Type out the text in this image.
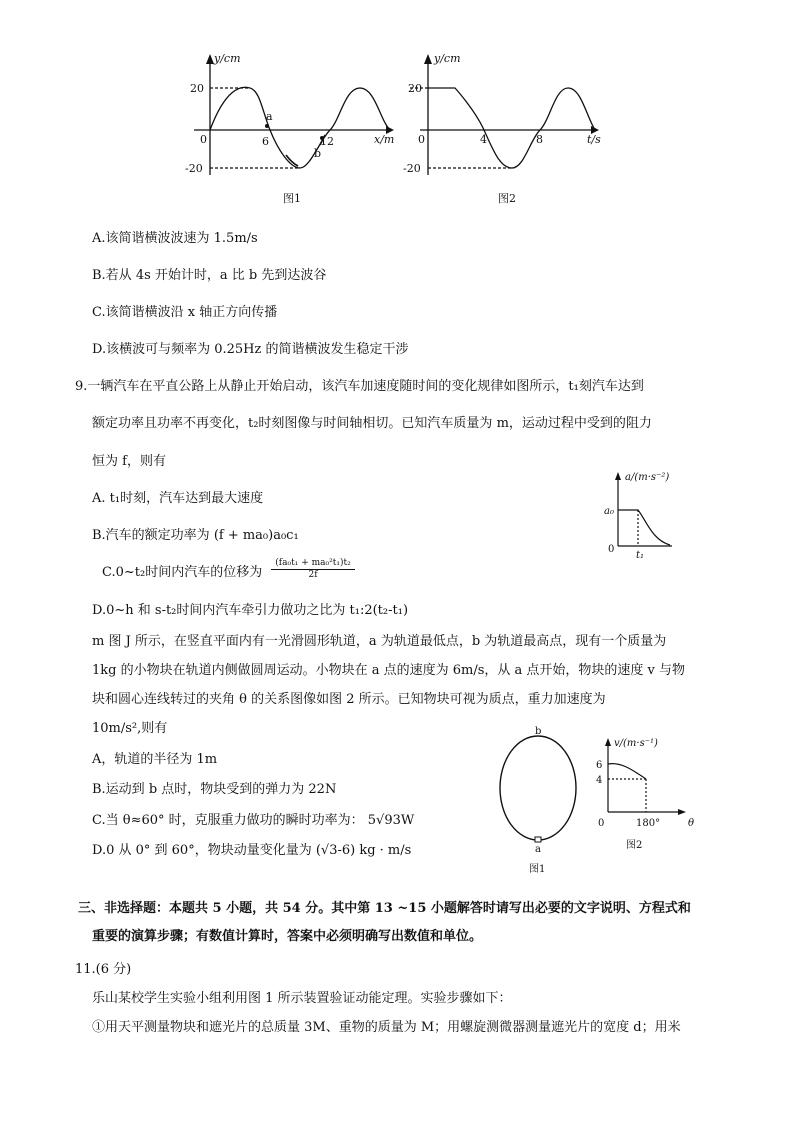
y/cm
20
-20
0	6	12
a
b
x/m
图1
y/cm
20
-20
0	4	8	t/s
图2
A.该简谐横波波速为 1.5m/s
B.若从 4s 开始计时，a 比 b 先到达波谷
C.该简谐横波沿 x 轴正方向传播
D.该横波可与频率为 0.25Hz 的简谐横波发生稳定干涉
9.一辆汽车在平直公路上从静止开始启动，该汽车加速度随时间的变化规律如图所示，t₁刻汽车达到
额定功率且功率不再变化，t₂时刻图像与时间轴相切。已知汽车质量为 m，运动过程中受到的阻力
恒为 f，则有
A. t₁时刻，汽车达到最大速度
B.汽车的额定功率为 (f + ma₀)a₀c₁
C.0~t₂时间内汽车的位移为 $\frac{\text{(fa₀t₁ + ma₀²t₁)t₂}}{2f}$
D.0~h 和 s-t₂时间内汽车牵引力做功之比为 t₁:2(t₂-t₁)
a/(m·s⁻²)
a₀
0
t₁
m 图 J 所示，在竖直平面内有一光滑圆形轨道，a 为轨道最低点，b 为轨道最高点，现有一个质量为
1kg 的小物块在轨道内侧做圆周运动。小物块在 a 点的速度为 6m/s，从 a 点开始，物块的速度 v 与物
块和圆心连线转过的夹角 θ 的关系图像如图 2 所示。已知物块可视为质点，重力加速度为
10m/s²,则有
A，轨道的半径为 1m
B.运动到 b 点时，物块受到的弹力为 22N
C.当 θ≈60° 时，克服重力做功的瞬时功率为： 5√93W
D.0 从 0° 到 60°，物块动量变化量为 (√3-6) kg · m/s
b
a
图1
v/(m·s⁻¹)
6
4
0	180°	θ
图2
三、非选择题：本题共 5 小题，共 54 分。其中第 13 ~15 小题解答时请写出必要的文字说明、方程式和
重要的演算步骤；有数值计算时，答案中必须明确写出数值和单位。
11.(6 分)
乐山某校学生实验小组利用图 1 所示装置验证动能定理。实验步骤如下：
①用天平测量物块和遮光片的总质量 3M、重物的质量为 M；用螺旋测微器测量遮光片的宽度 d；用米
